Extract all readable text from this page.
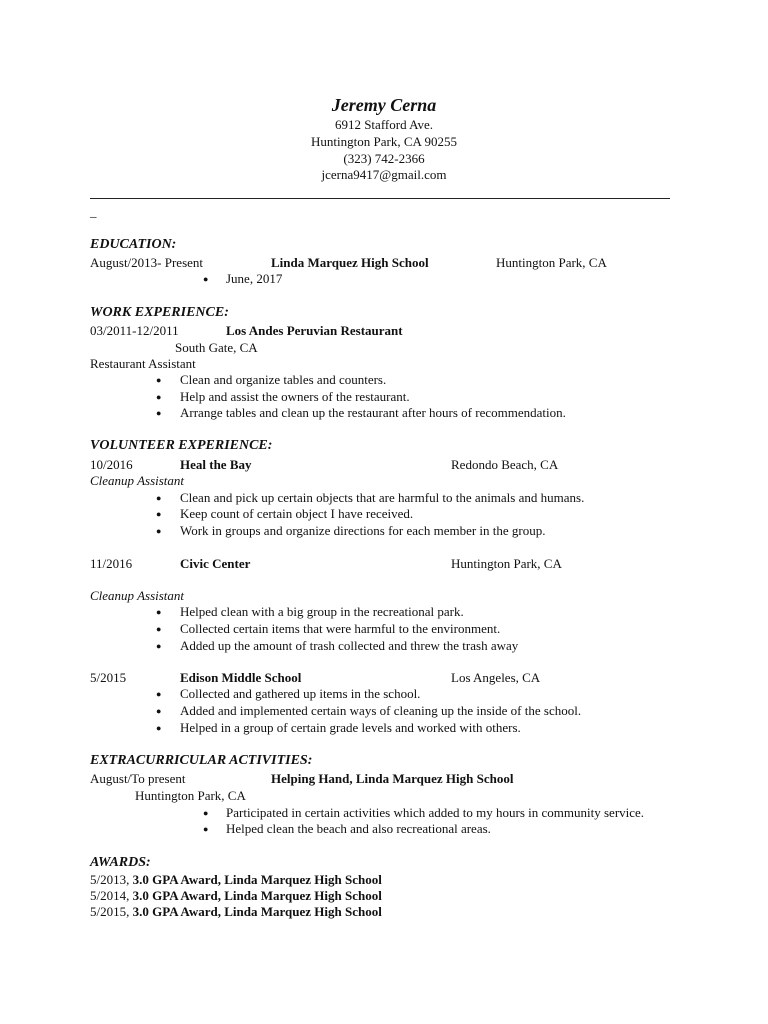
Jeremy Cerna
6912 Stafford Ave.
Huntington Park, CA 90255
(323) 742-2366
jcerna9417@gmail.com
_
EDUCATION:
August/2013- Present	Linda Marquez High School	Huntington Park, CA
● June, 2017
WORK EXPERIENCE:
03/2011-12/2011	Los Andes Peruvian Restaurant
South Gate, CA
Restaurant Assistant
● Clean and organize tables and counters.
● Help and assist the owners of the restaurant.
● Arrange tables and clean up the restaurant after hours of recommendation.
VOLUNTEER EXPERIENCE:
10/2016	Heal the Bay	Redondo Beach, CA
Cleanup Assistant
● Clean and pick up certain objects that are harmful to the animals and humans.
● Keep count of certain object I have received.
● Work in groups and organize directions for each member in the group.
11/2016	Civic Center	Huntington Park, CA
Cleanup Assistant
● Helped clean with a big group in the recreational park.
● Collected certain items that were harmful to the environment.
● Added up the amount of trash collected and threw the trash away
5/2015	Edison Middle School	Los Angeles, CA
● Collected and gathered up items in the school.
● Added and implemented certain ways of cleaning up the inside of the school.
● Helped in a group of certain grade levels and worked with others.
EXTRACURRICULAR ACTIVITIES:
August/To present	Helping Hand, Linda Marquez High School
Huntington Park, CA
● Participated in certain activities which added to my hours in community service.
● Helped clean the beach and also recreational areas.
AWARDS:
5/2013, 3.0 GPA Award, Linda Marquez High School
5/2014, 3.0 GPA Award, Linda Marquez High School
5/2015, 3.0 GPA Award, Linda Marquez High School
